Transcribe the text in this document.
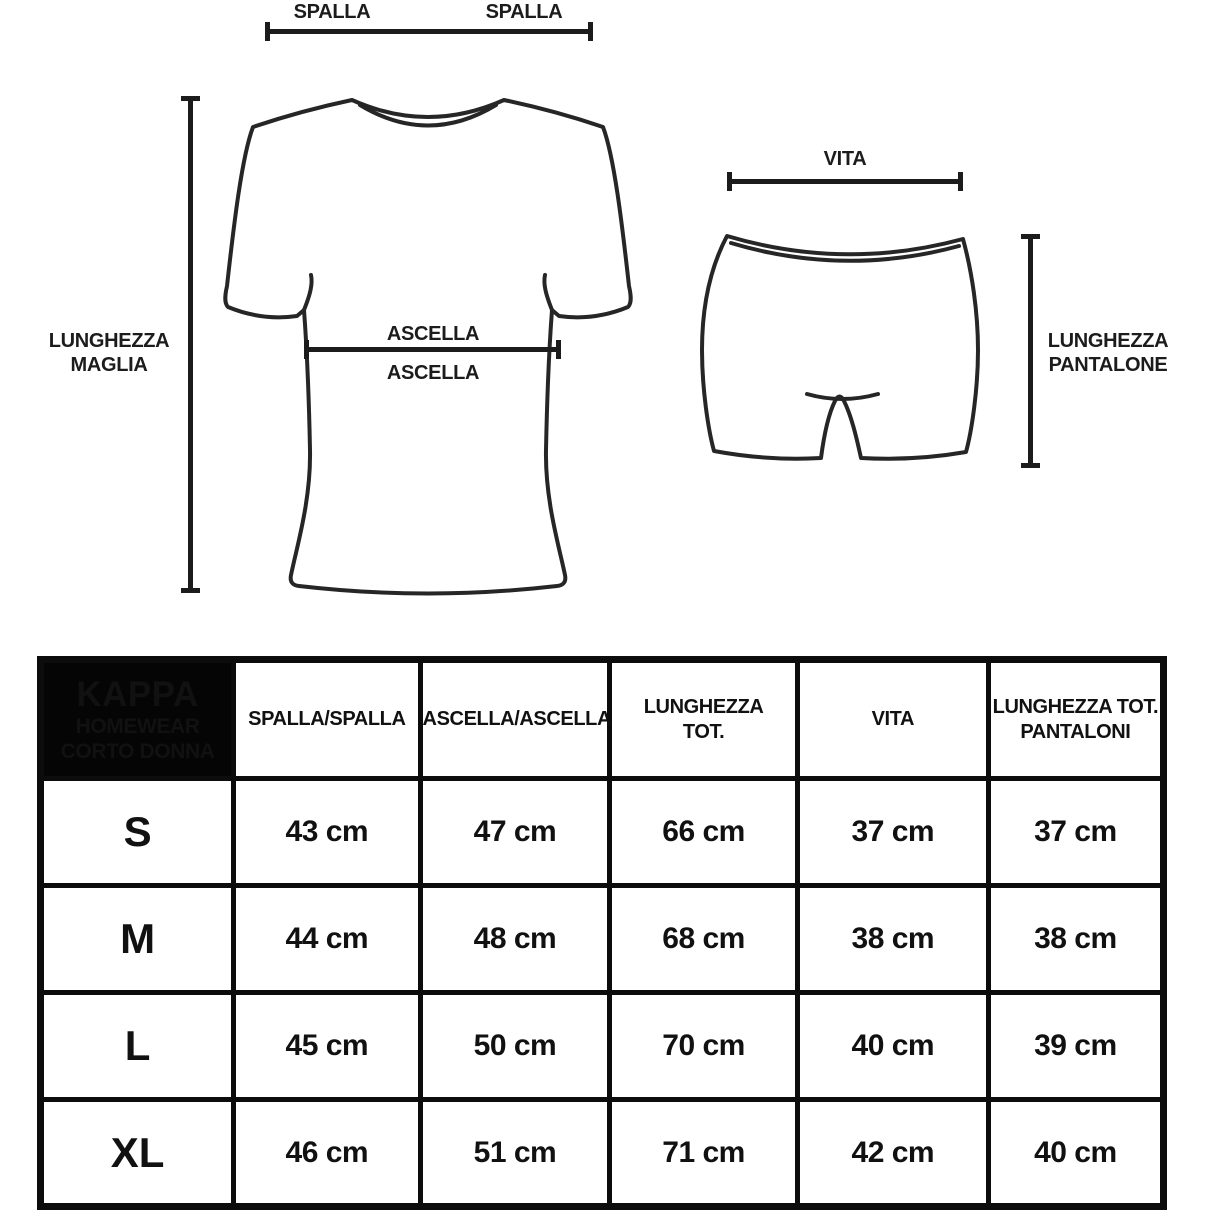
SPALLA	SPALLA
LUNGHEZZA
MAGLIA
ASCELLA
ASCELLA
VITA
LUNGHEZZA
PANTALONE
KAPPA
HOMEWEAR
CORTO DONNA

SPALLA/SPALLA	ASCELLA/ASCELLA

LUNGHEZZA
TOT.

VITA

LUNGHEZZA TOT.
PANTALONI

S	43 cm	47 cm	66 cm	37 cm	37 cm
M	44 cm	48 cm	68 cm	38 cm	38 cm
L	45 cm	50 cm	70 cm	40 cm	39 cm
XL	46 cm	51 cm	71 cm	42 cm	40 cm
